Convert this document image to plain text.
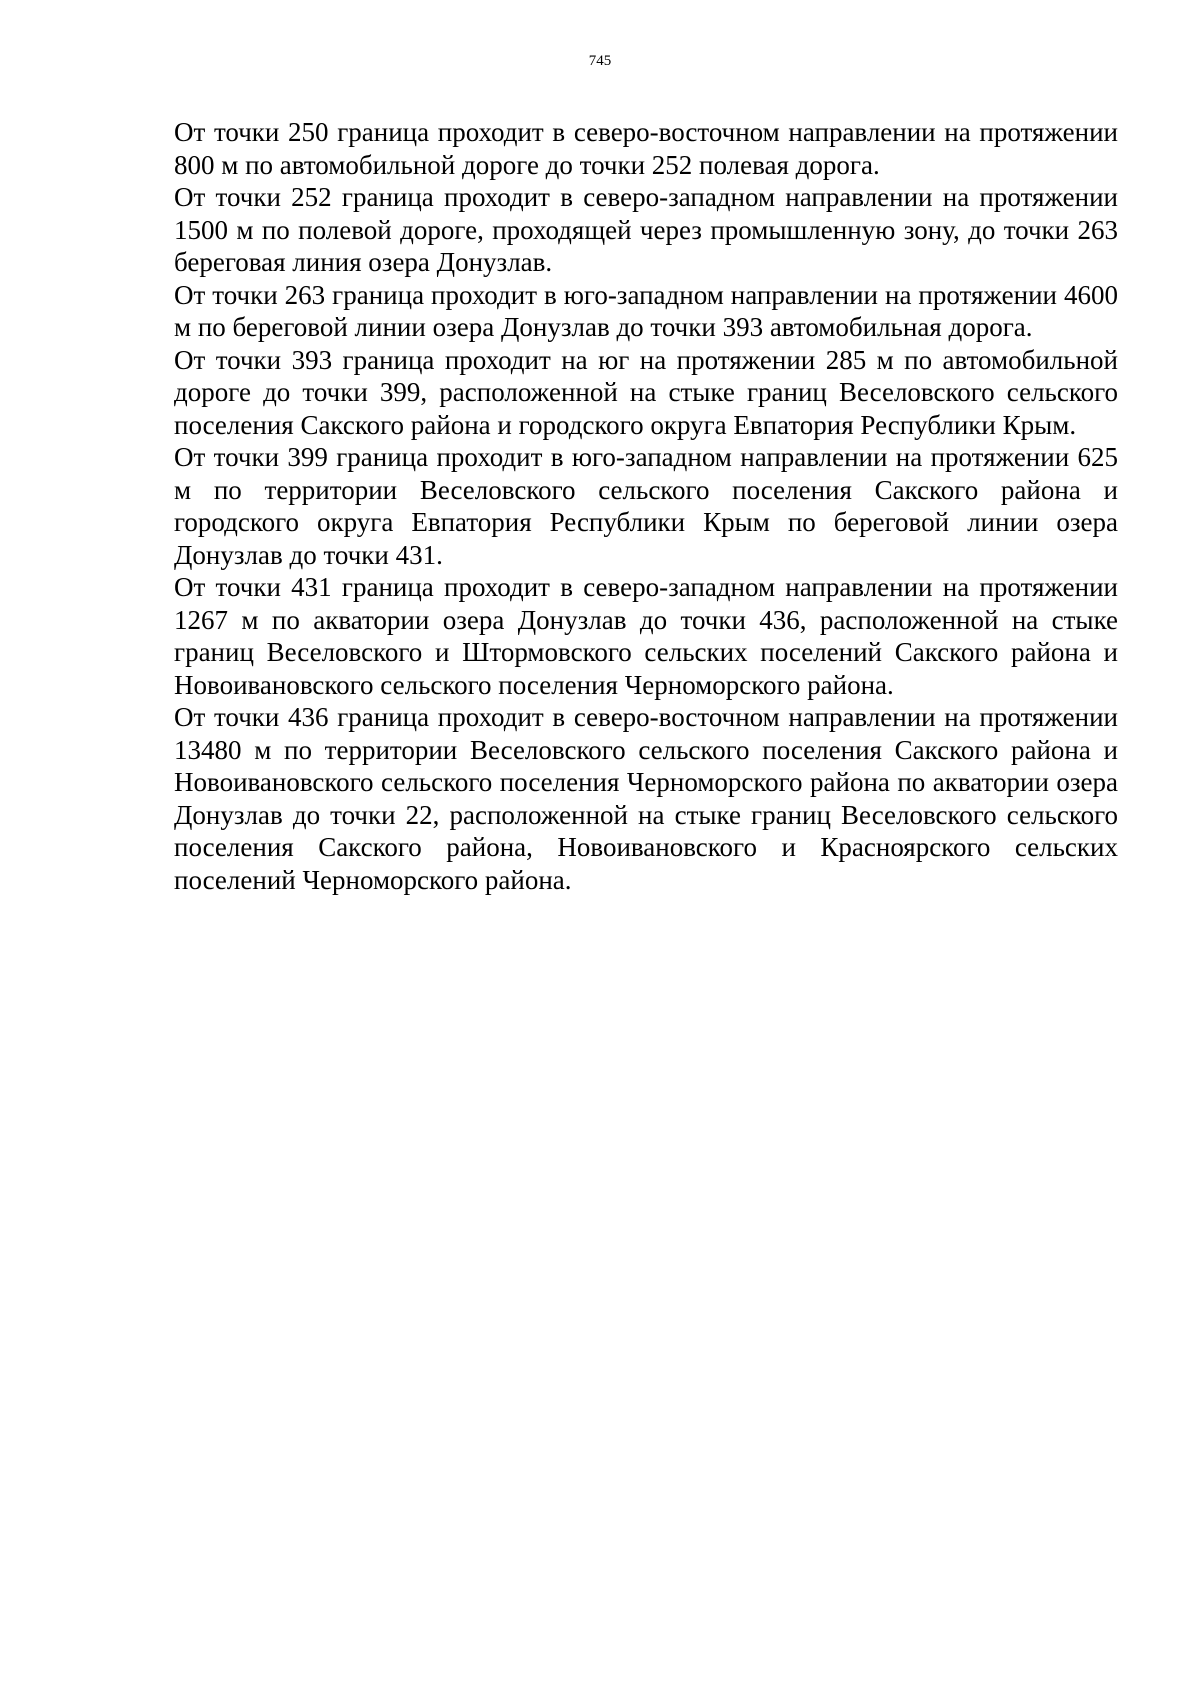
745

От точки 250 граница проходит в северо-восточном направлении на протяжении 800 м по автомобильной дороге до точки 252 полевая дорога.

От точки 252 граница проходит в северо-западном направлении на протяжении 1500 м по полевой дороге, проходящей через промышленную зону, до точки 263 береговая линия озера Донузлав.

От точки 263 граница проходит в юго-западном направлении на протяжении 4600 м по береговой линии озера Донузлав до точки 393 автомобильная дорога.

От точки 393 граница проходит на юг на протяжении 285 м по автомобильной дороге до точки 399, расположенной на стыке границ Веселовского сельского поселения Сакского района и городского округа Евпатория Республики Крым.

От точки 399 граница проходит в юго-западном направлении на протяжении 625 м по территории Веселовского сельского поселения Сакского района и городского округа Евпатория Республики Крым по береговой линии озера Донузлав до точки 431.

От точки 431 граница проходит в северо-западном направлении на протяжении 1267 м по акватории озера Донузлав до точки 436, расположенной на стыке границ Веселовского и Штормовского сельских поселений Сакского района и Новоивановского сельского поселения Черноморского района.

От точки 436 граница проходит в северо-восточном направлении на протяжении 13480 м по территории Веселовского сельского поселения Сакского района и Новоивановского сельского поселения Черноморского района по акватории озера Донузлав до точки 22, расположенной на стыке границ Веселовского сельского поселения Сакского района, Новоивановского и Красноярского сельских поселений Черноморского района.
